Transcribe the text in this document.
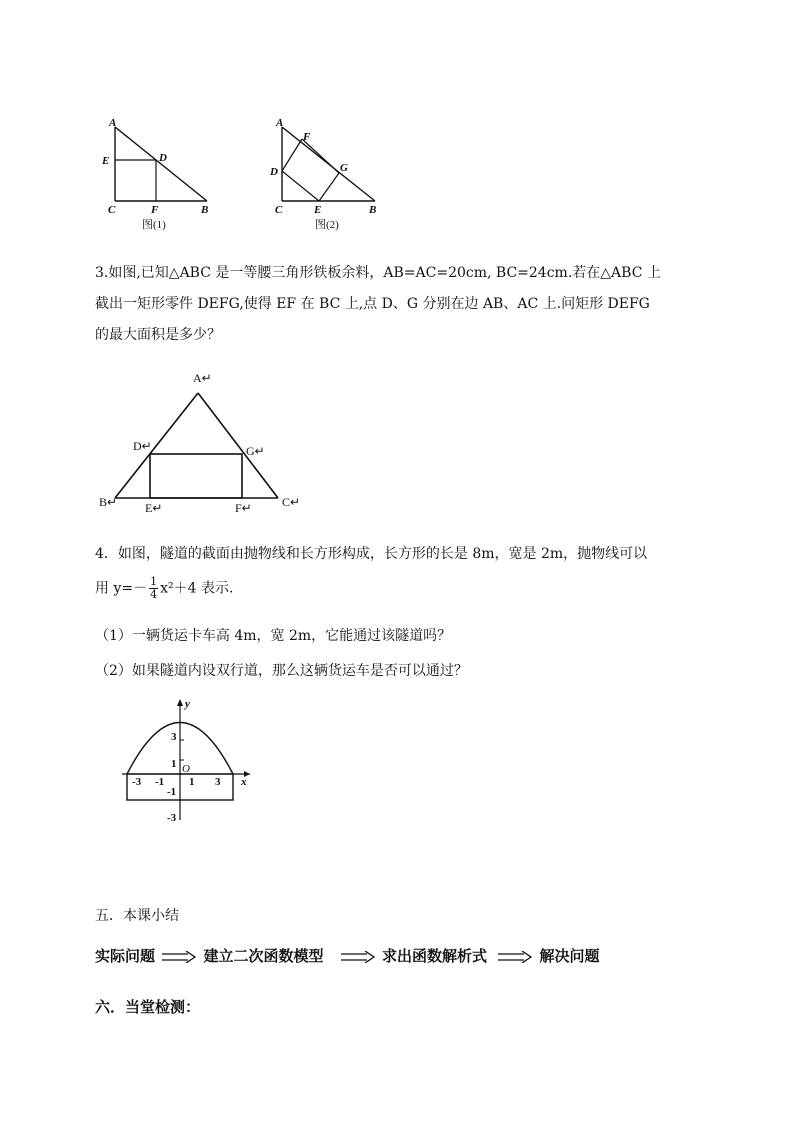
A
E	D
C	F	B
图(1)
A
F
G
D
C	E	B
图(2)
3.如图,已知△ABC 是一等腰三角形铁板余料，AB=AC=20cm, BC=24cm.若在△ABC 上
截出一矩形零件 DEFG,使得 EF 在 BC 上,点 D、G 分别在边 AB、AC 上.问矩形 DEFG
的最大面积是多少？
A↵
D↵	G↵
B↵ E↵	F↵	C↵
4．如图，隧道的截面由抛物线和长方形构成，长方形的长是 8m，宽是 2m，抛物线可以
用 $y=- \frac{1}{4} x^2+4$ 表示.
（1）一辆货运卡车高 4m，宽 2m，它能通过该隧道吗？
（2）如果隧道内设双行道，那么这辆货运车是否可以通过？
y
x
O
-3 -1 1 3
3
1
-1
-3
五．本课小结
实际问题	建立二次函数模型	求出函数解析式	解决问题
六．当堂检测：
